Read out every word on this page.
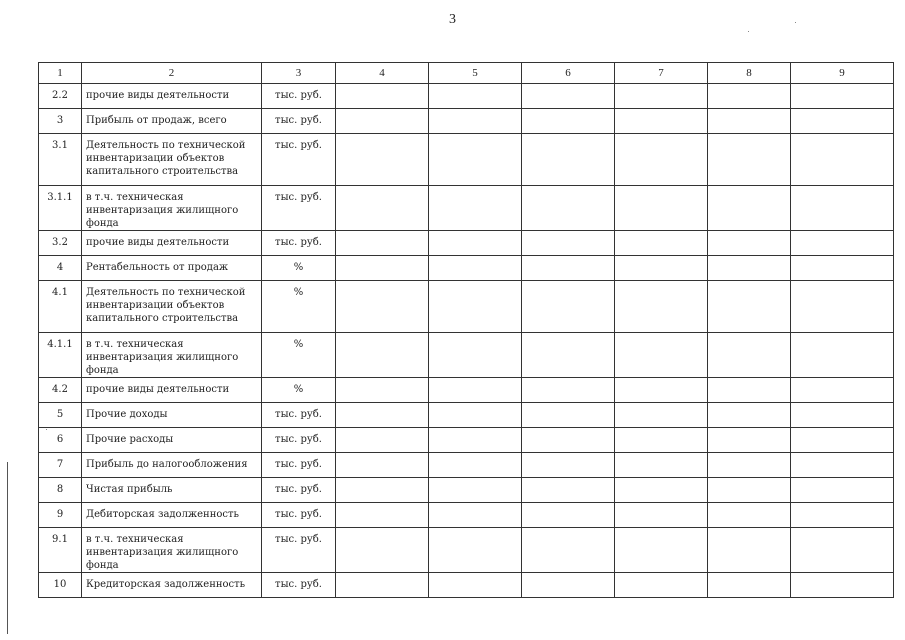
3
1	2	3	4	5	6	7	8	9
2.2	прочие виды деятельности	тыс. руб.						
3	Прибыль от продаж, всего	тыс. руб.						
3.1	Деятельность по технической инвентаризации объектов капитального строительства	тыс. руб.						
3.1.1	в т.ч. техническая инвентаризация жилищного фонда	тыс. руб.						
3.2	прочие виды деятельности	тыс. руб.						
4	Рентабельность от продаж	%						
4.1	Деятельность по технической инвентаризации объектов капитального строительства	%						
4.1.1	в т.ч. техническая инвентаризация жилищного фонда	%						
4.2	прочие виды деятельности	%						
5	Прочие доходы	тыс. руб.						
6	Прочие расходы	тыс. руб.						
7	Прибыль до налогообложения	тыс. руб.						
8	Чистая прибыль	тыс. руб.						
9	Дебиторская задолженность	тыс. руб.						
9.1	в т.ч. техническая инвентаризация жилищного фонда	тыс. руб.						
10	Кредиторская задолженность	тыс. руб.						
